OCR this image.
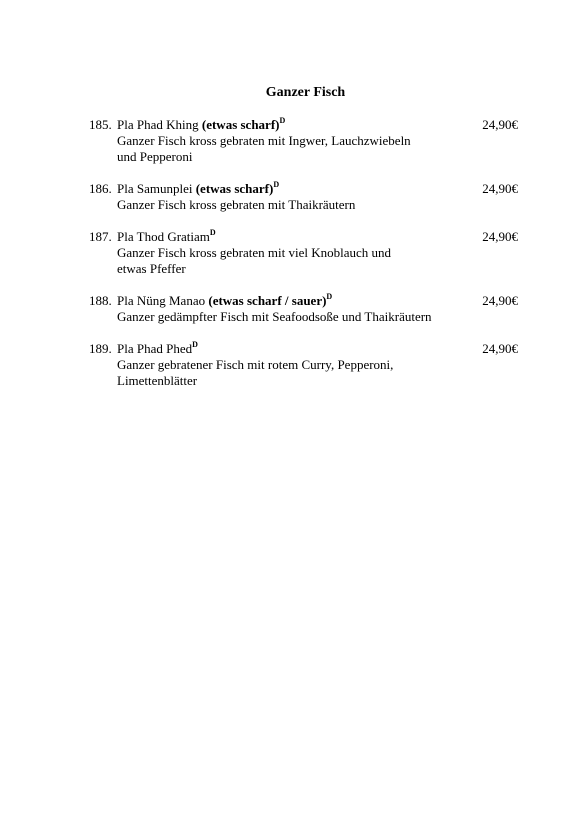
Ganzer Fisch
185. Pla Phad Khing (etwas scharf)$^D$	24,90€
Ganzer Fisch kross gebraten mit Ingwer, Lauchzwiebeln
und Pepperoni
186. Pla Samunplei (etwas scharf)$^D$	24,90€
Ganzer Fisch kross gebraten mit Thaikräutern
187. Pla Thod Gratiam$^D$	24,90€
Ganzer Fisch kross gebraten mit viel Knoblauch und
etwas Pfeffer
188. Pla Nüng Manao (etwas scharf / sauer)$^D$	24,90€
Ganzer gedämpfter Fisch mit Seafoodsoße und Thaikräutern
189. Pla Phad Phed$^D$	24,90€
Ganzer gebratener Fisch mit rotem Curry, Pepperoni,
Limettenblätter
